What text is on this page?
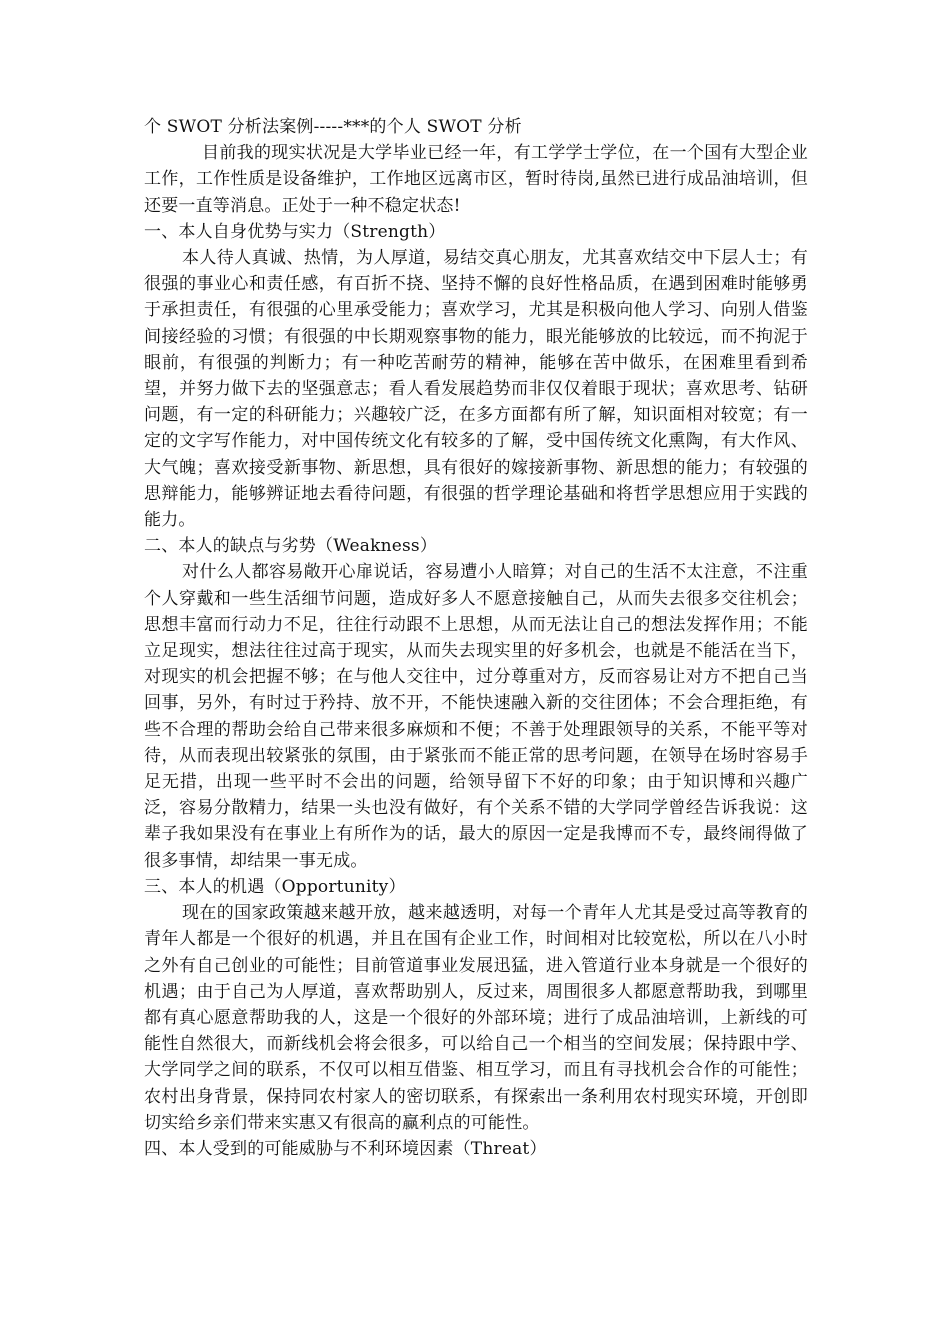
个 SWOT 分析法案例-----***的个人 SWOT 分析

目前我的现实状况是大学毕业已经一年，有工学学士学位，在一个国有大型企业工作，工作性质是设备维护，工作地区远离市区，暂时待岗,虽然已进行成品油培训，但还要一直等消息。正处于一种不稳定状态!

一、本人自身优势与实力（Strength）

本人待人真诚、热情，为人厚道，易结交真心朋友，尤其喜欢结交中下层人士；有很强的事业心和责任感，有百折不挠、坚持不懈的良好性格品质，在遇到困难时能够勇于承担责任，有很强的心里承受能力；喜欢学习，尤其是积极向他人学习、向别人借鉴间接经验的习惯；有很强的中长期观察事物的能力，眼光能够放的比较远，而不拘泥于眼前，有很强的判断力；有一种吃苦耐劳的精神，能够在苦中做乐，在困难里看到希望，并努力做下去的坚强意志；看人看发展趋势而非仅仅着眼于现状；喜欢思考、钻研问题，有一定的科研能力；兴趣较广泛，在多方面都有所了解，知识面相对较宽；有一定的文字写作能力，对中国传统文化有较多的了解，受中国传统文化熏陶，有大作风、大气魄；喜欢接受新事物、新思想，具有很好的嫁接新事物、新思想的能力；有较强的思辩能力，能够辨证地去看待问题，有很强的哲学理论基础和将哲学思想应用于实践的能力。

二、本人的缺点与劣势（Weakness）

对什么人都容易敞开心扉说话，容易遭小人暗算；对自己的生活不太注意，不注重个人穿戴和一些生活细节问题，造成好多人不愿意接触自己，从而失去很多交往机会；思想丰富而行动力不足，往往行动跟不上思想，从而无法让自己的想法发挥作用；不能立足现实，想法往往过高于现实，从而失去现实里的好多机会，也就是不能活在当下，对现实的机会把握不够；在与他人交往中，过分尊重对方，反而容易让对方不把自己当回事，另外，有时过于矜持、放不开，不能快速融入新的交往团体；不会合理拒绝，有些不合理的帮助会给自己带来很多麻烦和不便；不善于处理跟领导的关系，不能平等对待，从而表现出较紧张的氛围，由于紧张而不能正常的思考问题，在领导在场时容易手足无措，出现一些平时不会出的问题，给领导留下不好的印象；由于知识博和兴趣广泛，容易分散精力，结果一头也没有做好，有个关系不错的大学同学曾经告诉我说：这辈子我如果没有在事业上有所作为的话，最大的原因一定是我博而不专，最终闹得做了很多事情，却结果一事无成。

三、本人的机遇（Opportunity）

现在的国家政策越来越开放，越来越透明，对每一个青年人尤其是受过高等教育的青年人都是一个很好的机遇，并且在国有企业工作，时间相对比较宽松，所以在八小时之外有自己创业的可能性；目前管道事业发展迅猛，进入管道行业本身就是一个很好的机遇；由于自己为人厚道，喜欢帮助别人，反过来，周围很多人都愿意帮助我，到哪里都有真心愿意帮助我的人，这是一个很好的外部环境；进行了成品油培训，上新线的可能性自然很大，而新线机会将会很多，可以给自己一个相当的空间发展；保持跟中学、大学同学之间的联系，不仅可以相互借鉴、相互学习，而且有寻找机会合作的可能性；农村出身背景，保持同农村家人的密切联系，有探索出一条利用农村现实环境，开创即切实给乡亲们带来实惠又有很高的赢利点的可能性。

四、本人受到的可能威胁与不利环境因素（Threat）
